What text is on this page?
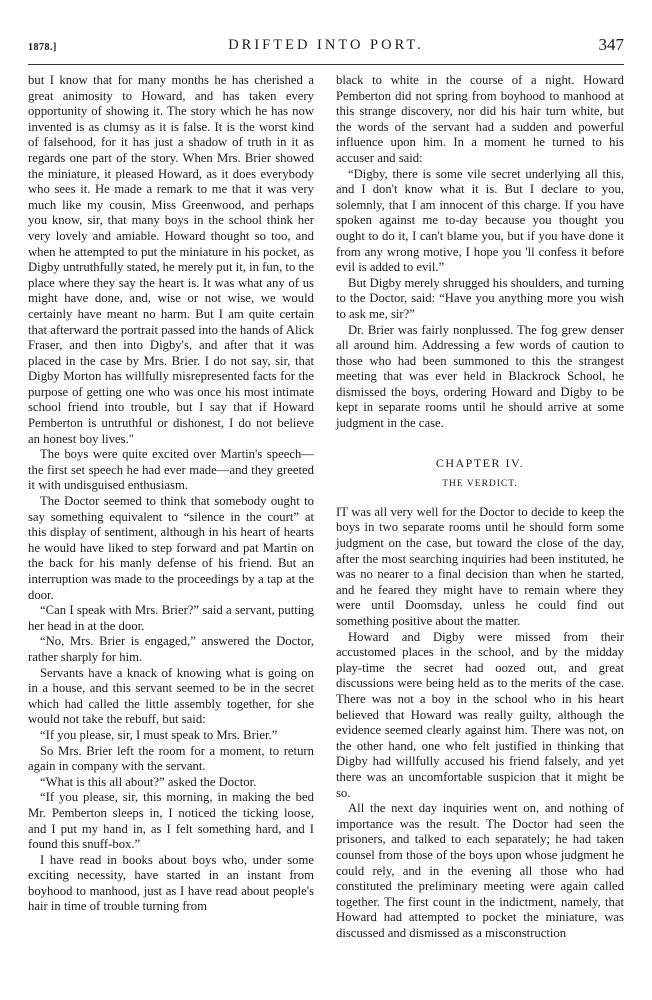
1878.]	DRIFTED INTO PORT.	347

but I know that for many months he has cherished a great animosity to Howard, and has taken every opportunity of showing it. The story which he has now invented is as clumsy as it is false. It is the worst kind of falsehood, for it has just a shadow of truth in it as regards one part of the story. When Mrs. Brier showed the miniature, it pleased Howard, as it does everybody who sees it. He made a remark to me that it was very much like my cousin, Miss Greenwood, and perhaps you know, sir, that many boys in the school think her very lovely and amiable. Howard thought so too, and when he attempted to put the miniature in his pocket, as Digby untruthfully stated, he merely put it, in fun, to the place where they say the heart is. It was what any of us might have done, and, wise or not wise, we would certainly have meant no harm. But I am quite certain that afterward the portrait passed into the hands of Alick Fraser, and then into Digby's, and after that it was placed in the case by Mrs. Brier. I do not say, sir, that Digby Morton has willfully misrepresented facts for the purpose of getting one who was once his most intimate school friend into trouble, but I say that if Howard Pemberton is untruthful or dishonest, I do not believe an honest boy lives."

The boys were quite excited over Martin's speech—the first set speech he had ever made—and they greeted it with undisguised enthusiasm.

The Doctor seemed to think that somebody ought to say something equivalent to “silence in the court” at this display of sentiment, although in his heart of hearts he would have liked to step forward and pat Martin on the back for his manly defense of his friend. But an interruption was made to the proceedings by a tap at the door.

“Can I speak with Mrs. Brier?” said a servant, putting her head in at the door.

“No, Mrs. Brier is engaged,” answered the Doctor, rather sharply for him.

Servants have a knack of knowing what is going on in a house, and this servant seemed to be in the secret which had called the little assembly together, for she would not take the rebuff, but said:

“If you please, sir, I must speak to Mrs. Brier.”

So Mrs. Brier left the room for a moment, to return again in company with the servant.

“What is this all about?” asked the Doctor.

“If you please, sir, this morning, in making the bed Mr. Pemberton sleeps in, I noticed the ticking loose, and I put my hand in, as I felt something hard, and I found this snuff-box.”

I have read in books about boys who, under some exciting necessity, have started in an instant from boyhood to manhood, just as I have read about people's hair in time of trouble turning from

black to white in the course of a night. Howard Pemberton did not spring from boyhood to manhood at this strange discovery, nor did his hair turn white, but the words of the servant had a sudden and powerful influence upon him. In a moment he turned to his accuser and said:

“Digby, there is some vile secret underlying all this, and I don't know what it is. But I declare to you, solemnly, that I am innocent of this charge. If you have spoken against me to-day because you thought you ought to do it, I can't blame you, but if you have done it from any wrong motive, I hope you 'll confess it before evil is added to evil.”

But Digby merely shrugged his shoulders, and turning to the Doctor, said: “Have you anything more you wish to ask me, sir?”

Dr. Brier was fairly nonplussed. The fog grew denser all around him. Addressing a few words of caution to those who had been summoned to this the strangest meeting that was ever held in Blackrock School, he dismissed the boys, ordering Howard and Digby to be kept in separate rooms until he should arrive at some judgment in the case.

CHAPTER IV.
THE VERDICT.

IT was all very well for the Doctor to decide to keep the boys in two separate rooms until he should form some judgment on the case, but toward the close of the day, after the most searching inquiries had been instituted, he was no nearer to a final decision than when he started, and he feared they might have to remain where they were until Doomsday, unless he could find out something positive about the matter.

Howard and Digby were missed from their accustomed places in the school, and by the midday play-time the secret had oozed out, and great discussions were being held as to the merits of the case. There was not a boy in the school who in his heart believed that Howard was really guilty, although the evidence seemed clearly against him. There was not, on the other hand, one who felt justified in thinking that Digby had willfully accused his friend falsely, and yet there was an uncomfortable suspicion that it might be so.

All the next day inquiries went on, and nothing of importance was the result. The Doctor had seen the prisoners, and talked to each separately; he had taken counsel from those of the boys upon whose judgment he could rely, and in the evening all those who had constituted the preliminary meeting were again called together. The first count in the indictment, namely, that Howard had attempted to pocket the miniature, was discussed and dismissed as a misconstruction
